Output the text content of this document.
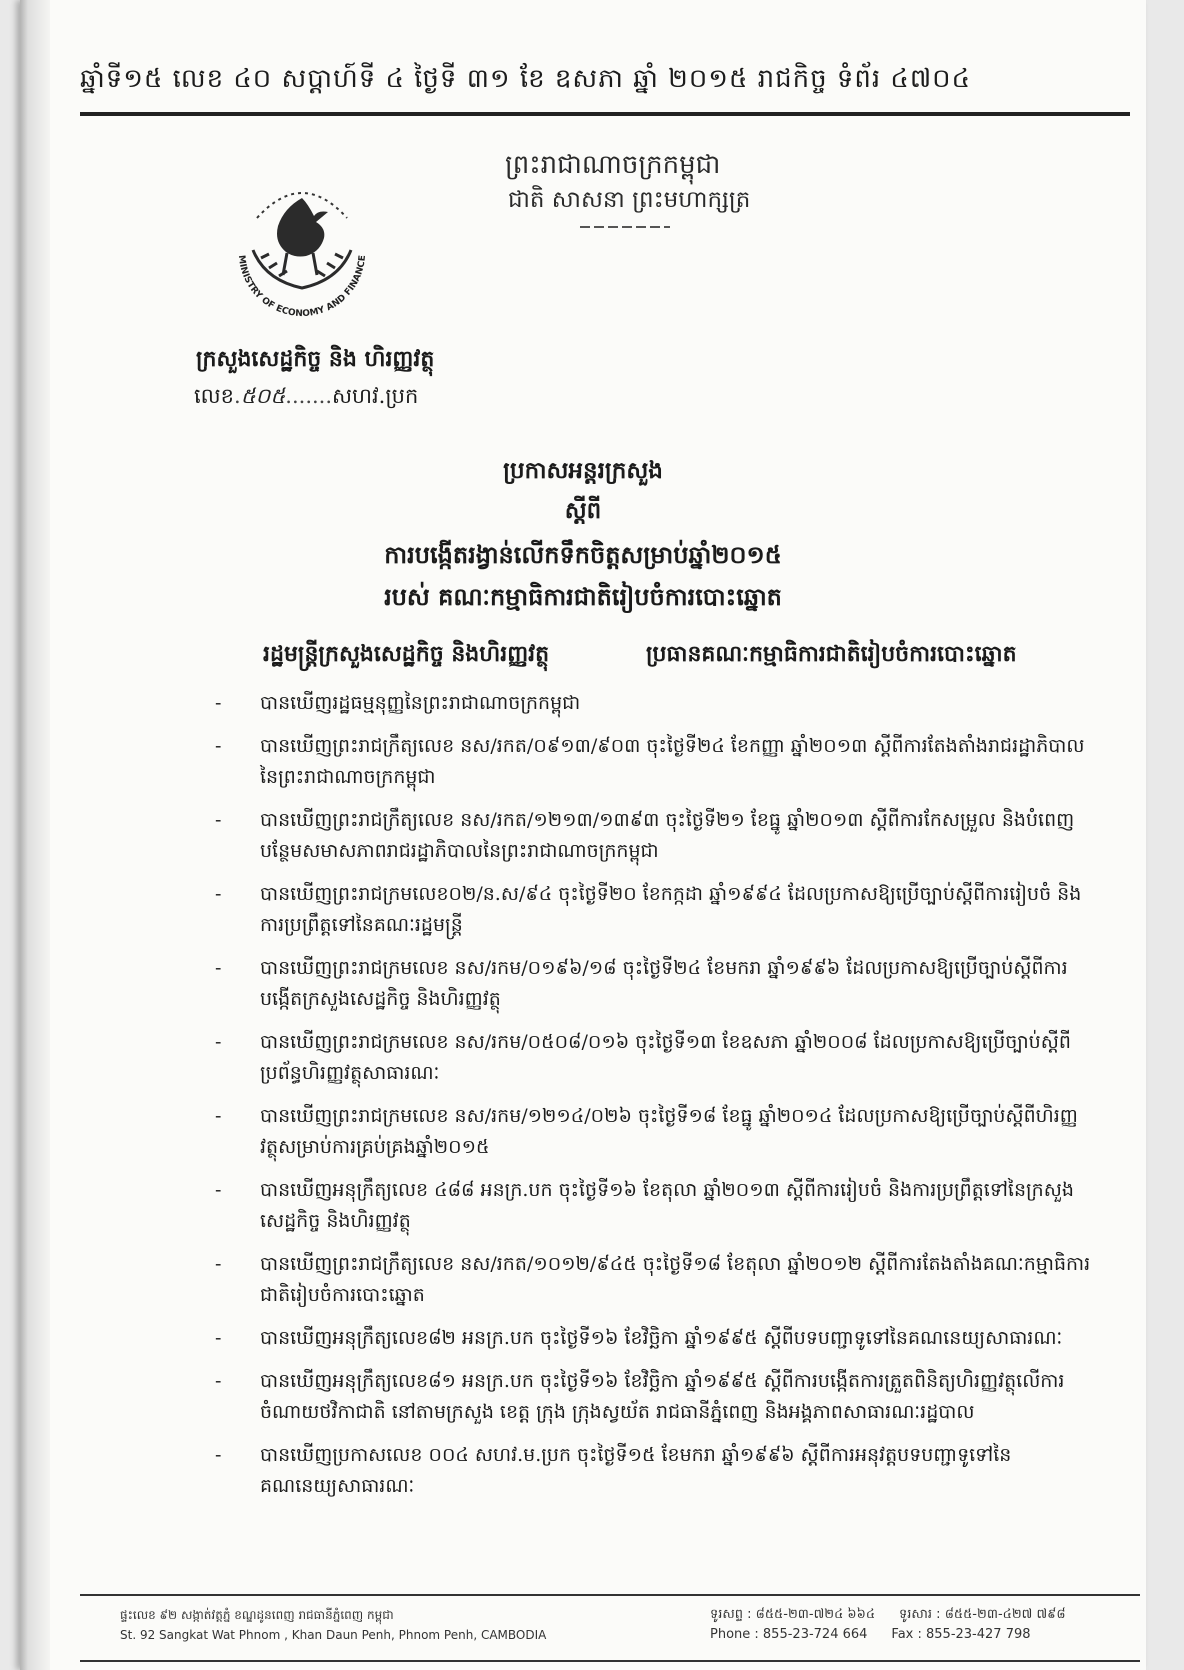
ឆ្នាំទី១៥ លេខ ៤០ សប្តាហ៍ទី ៤ ថ្ងៃទី ៣១ ខែ ឧសភា ឆ្នាំ ២០១៥ រាជកិច្ច ទំព័រ ៤៧០៤
MINISTRY OF ECONOMY AND FINANCE
ព្រះរាជាណាចក្រកម្ពុជា
ជាតិ សាសនា ព្រះមហាក្សត្រ
ក្រសួងសេដ្ឋកិច្ច និង ហិរញ្ញវត្ថុ
លេខ.៥០៥.......សហវ.ប្រក
ប្រកាសអន្តរក្រសួង
ស្តីពី
ការបង្កើតរង្វាន់លើកទឹកចិត្តសម្រាប់ឆ្នាំ២០១៥
របស់ គណៈកម្មាធិការជាតិរៀបចំការបោះឆ្នោត
រដ្ឋមន្ត្រីក្រសួងសេដ្ឋកិច្ច និងហិរញ្ញវត្ថុ	ប្រធានគណៈកម្មាធិការជាតិរៀបចំការបោះឆ្នោត
- បានឃើញរដ្ឋធម្មនុញ្ញនៃព្រះរាជាណាចក្រកម្ពុជា
- បានឃើញព្រះរាជក្រឹត្យលេខ នស/រកត/០៩១៣/៩០៣ ចុះថ្ងៃទី២៤ ខែកញ្ញា ឆ្នាំ២០១៣ ស្តីពីការតែងតាំងរាជរដ្ឋាភិបាលនៃព្រះរាជាណាចក្រកម្ពុជា
- បានឃើញព្រះរាជក្រឹត្យលេខ នស/រកត/១២១៣/១៣៩៣ ចុះថ្ងៃទី២១ ខែធ្នូ ឆ្នាំ២០១៣ ស្តីពីការកែសម្រួល និងបំពេញបន្ថែមសមាសភាពរាជរដ្ឋាភិបាលនៃព្រះរាជាណាចក្រកម្ពុជា
- បានឃើញព្រះរាជក្រមលេខ០២/ន.ស/៩៤ ចុះថ្ងៃទី២០ ខែកក្កដា ឆ្នាំ១៩៩៤ ដែលប្រកាសឱ្យប្រើច្បាប់ស្តីពីការរៀបចំ និងការប្រព្រឹត្តទៅនៃគណៈរដ្ឋមន្ត្រី
- បានឃើញព្រះរាជក្រមលេខ នស/រកម/០១៩៦/១៨ ចុះថ្ងៃទី២៤ ខែមករា ឆ្នាំ១៩៩៦ ដែលប្រកាសឱ្យប្រើច្បាប់ស្តីពីការបង្កើតក្រសួងសេដ្ឋកិច្ច និងហិរញ្ញវត្ថុ
- បានឃើញព្រះរាជក្រមលេខ នស/រកម/០៥០៨/០១៦ ចុះថ្ងៃទី១៣ ខែឧសភា ឆ្នាំ២០០៨ ដែលប្រកាសឱ្យប្រើច្បាប់ស្តីពីប្រព័ន្ធហិរញ្ញវត្ថុសាធារណៈ
- បានឃើញព្រះរាជក្រមលេខ នស/រកម/១២១៤/០២៦ ចុះថ្ងៃទី១៨ ខែធ្នូ ឆ្នាំ២០១៤ ដែលប្រកាសឱ្យប្រើច្បាប់ស្តីពីហិរញ្ញវត្ថុសម្រាប់ការគ្រប់គ្រងឆ្នាំ២០១៥
- បានឃើញអនុក្រឹត្យលេខ ៤៨៨ អនក្រ.បក ចុះថ្ងៃទី១៦ ខែតុលា ឆ្នាំ២០១៣ ស្តីពីការរៀបចំ និងការប្រព្រឹត្តទៅនៃក្រសួងសេដ្ឋកិច្ច និងហិរញ្ញវត្ថុ
- បានឃើញព្រះរាជក្រឹត្យលេខ នស/រកត/១០១២/៩៤៥ ចុះថ្ងៃទី១៨ ខែតុលា ឆ្នាំ២០១២ ស្តីពីការតែងតាំងគណៈកម្មាធិការជាតិរៀបចំការបោះឆ្នោត
- បានឃើញអនុក្រឹត្យលេខ៨២ អនក្រ.បក ចុះថ្ងៃទី១៦ ខែវិច្ឆិកា ឆ្នាំ១៩៩៥ ស្តីពីបទបញ្ជាទូទៅនៃគណនេយ្យសាធារណៈ
- បានឃើញអនុក្រឹត្យលេខ៨១ អនក្រ.បក ចុះថ្ងៃទី១៦ ខែវិច្ឆិកា ឆ្នាំ១៩៩៥ ស្តីពីការបង្កើតការត្រួតពិនិត្យហិរញ្ញវត្ថុលើការចំណាយថវិកាជាតិ នៅតាមក្រសួង ខេត្ត ក្រុង ក្រុងស្វយ័ត រាជធានីភ្នំពេញ និងអង្គភាពសាធារណៈរដ្ឋបាល
- បានឃើញប្រកាសលេខ ០០៤ សហវ.ម.ប្រក ចុះថ្ងៃទី១៥ ខែមករា ឆ្នាំ១៩៩៦ ស្តីពីការអនុវត្តបទបញ្ជាទូទៅនៃគណនេយ្យសាធារណៈ
ផ្ទះលេខ ៩២ សង្កាត់វត្តភ្នំ ខណ្ឌដូនពេញ រាជធានីភ្នំពេញ កម្ពុជា
St. 92 Sangkat Wat Phnom , Khan Daun Penh, Phnom Penh, CAMBODIA
ទូរសព្ទ : ៨៥៥-២៣-៧២៤ ៦៦៤ ទូរសារ : ៨៥៥-២៣-៤២៧ ៧៩៨
Phone : 855-23-724 664 Fax : 855-23-427 798
